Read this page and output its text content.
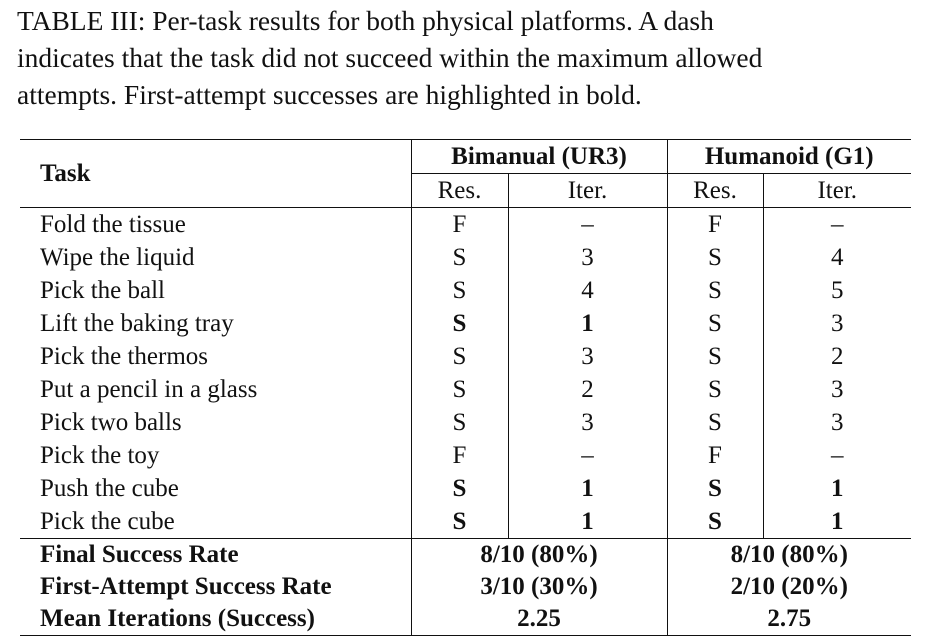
TABLE III: Per-task results for both physical platforms. A dash
indicates that the task did not succeed within the maximum allowed
attempts. First-attempt successes are highlighted in bold.
Task	Bimanual (UR3)		Humanoid (G1)	
	Res.	Iter.	Res.	Iter.
Fold the tissue	F	–	F	–
Wipe the liquid	S	3	S	4
Pick the ball	S	4	S	5
Lift the baking tray	S	1	S	3
Pick the thermos	S	3	S	2
Put a pencil in a glass	S	2	S	3
Pick two balls	S	3	S	3
Pick the toy	F	–	F	–
Push the cube	S	1	S	1
Pick the cube	S	1	S	1
Final Success Rate	8/10 (80%)		8/10 (80%)	
First-Attempt Success Rate	3/10 (30%)		2/10 (20%)	
Mean Iterations (Success)	2.25		2.75	
